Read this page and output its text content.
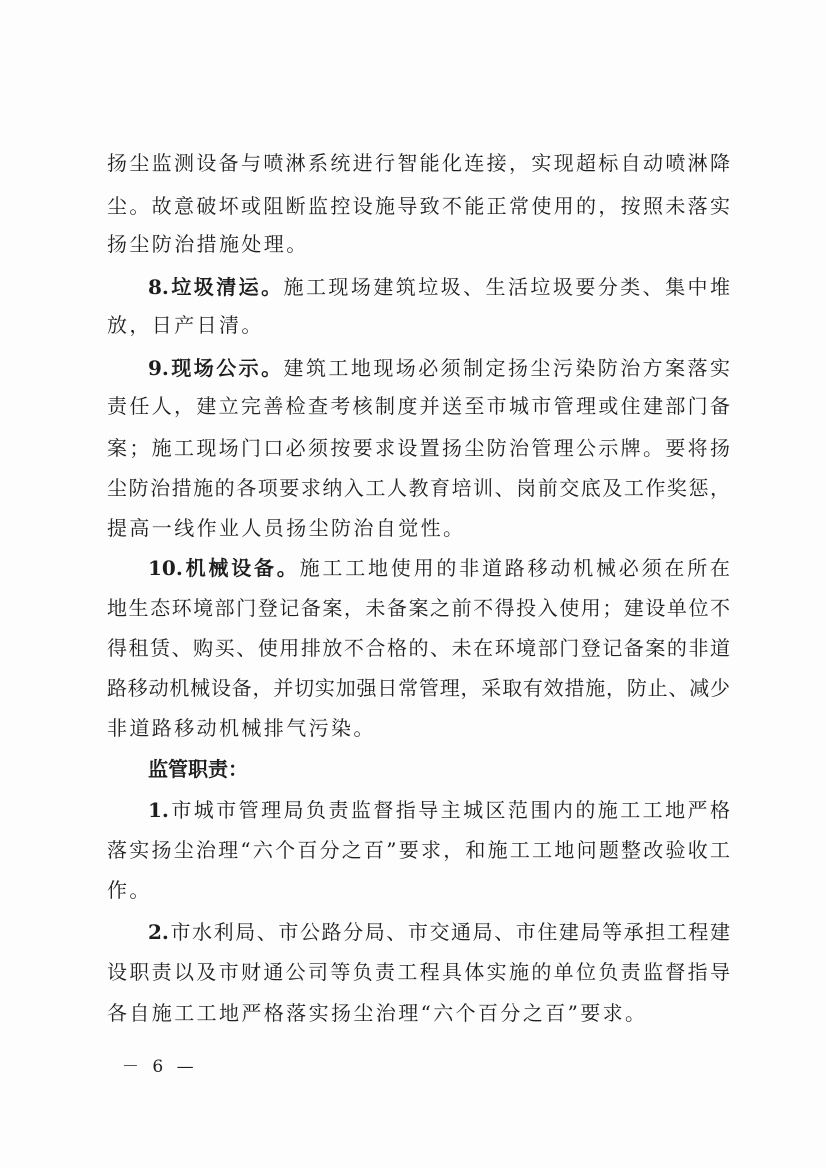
扬尘监测设备与喷淋系统进行智能化连接，实现超标自动喷淋降
尘。故意破坏或阻断监控设施导致不能正常使用的，按照未落实
扬尘防治措施处理。
8.垃圾清运。施工现场建筑垃圾、生活垃圾要分类、集中堆
放，日产日清。
9.现场公示。建筑工地现场必须制定扬尘污染防治方案落实
责任人，建立完善检查考核制度并送至市城市管理或住建部门备
案；施工现场门口必须按要求设置扬尘防治管理公示牌。要将扬
尘防治措施的各项要求纳入工人教育培训、岗前交底及工作奖惩，
提高一线作业人员扬尘防治自觉性。
10.机械设备。施工工地使用的非道路移动机械必须在所在
地生态环境部门登记备案，未备案之前不得投入使用；建设单位不
得租赁、购买、使用排放不合格的、未在环境部门登记备案的非道
路移动机械设备，并切实加强日常管理，采取有效措施，防止、减少
非道路移动机械排气污染。
监管职责：
1.市城市管理局负责监督指导主城区范围内的施工工地严格
落实扬尘治理“六个百分之百”要求，和施工工地问题整改验收工
作。
2.市水利局、市公路分局、市交通局、市住建局等承担工程建
设职责以及市财通公司等负责工程具体实施的单位负责监督指导
各自施工工地严格落实扬尘治理“六个百分之百”要求。
－ 6 —
